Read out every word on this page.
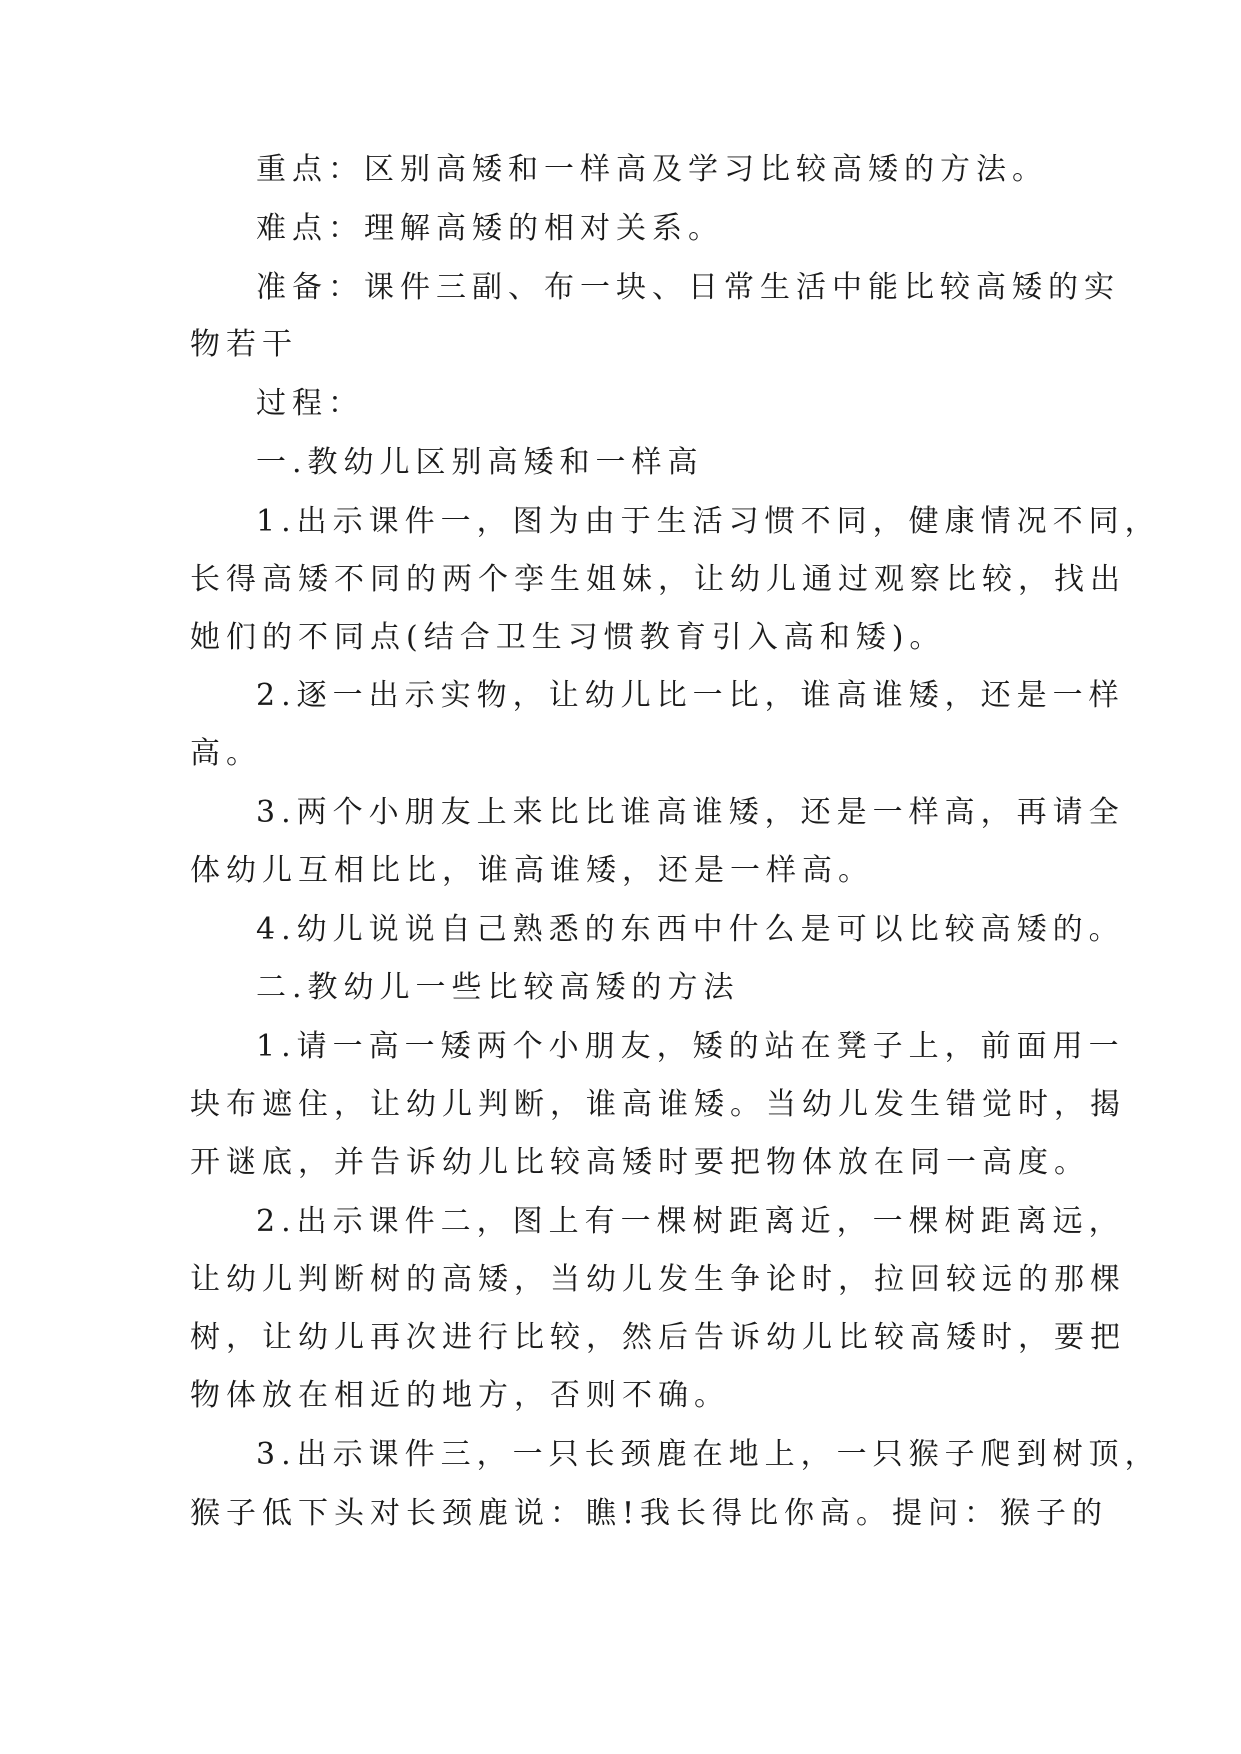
重点：区别高矮和一样高及学习比较高矮的方法。
难点：理解高矮的相对关系。
准备：课件三副、布一块、日常生活中能比较高矮的实
物若干
过程：
一.教幼儿区别高矮和一样高
1.出示课件一，图为由于生活习惯不同，健康情况不同，
长得高矮不同的两个孪生姐妹，让幼儿通过观察比较，找出
她们的不同点(结合卫生习惯教育引入高和矮)。
2.逐一出示实物，让幼儿比一比，谁高谁矮，还是一样
高。
3.两个小朋友上来比比谁高谁矮，还是一样高，再请全
体幼儿互相比比，谁高谁矮，还是一样高。
4.幼儿说说自己熟悉的东西中什么是可以比较高矮的。
二.教幼儿一些比较高矮的方法
1.请一高一矮两个小朋友，矮的站在凳子上，前面用一
块布遮住，让幼儿判断，谁高谁矮。当幼儿发生错觉时，揭
开谜底，并告诉幼儿比较高矮时要把物体放在同一高度。
2.出示课件二，图上有一棵树距离近，一棵树距离远，
让幼儿判断树的高矮，当幼儿发生争论时，拉回较远的那棵
树，让幼儿再次进行比较，然后告诉幼儿比较高矮时，要把
物体放在相近的地方，否则不确。
3.出示课件三，一只长颈鹿在地上，一只猴子爬到树顶，
猴子低下头对长颈鹿说：瞧!我长得比你高。提问：猴子的
